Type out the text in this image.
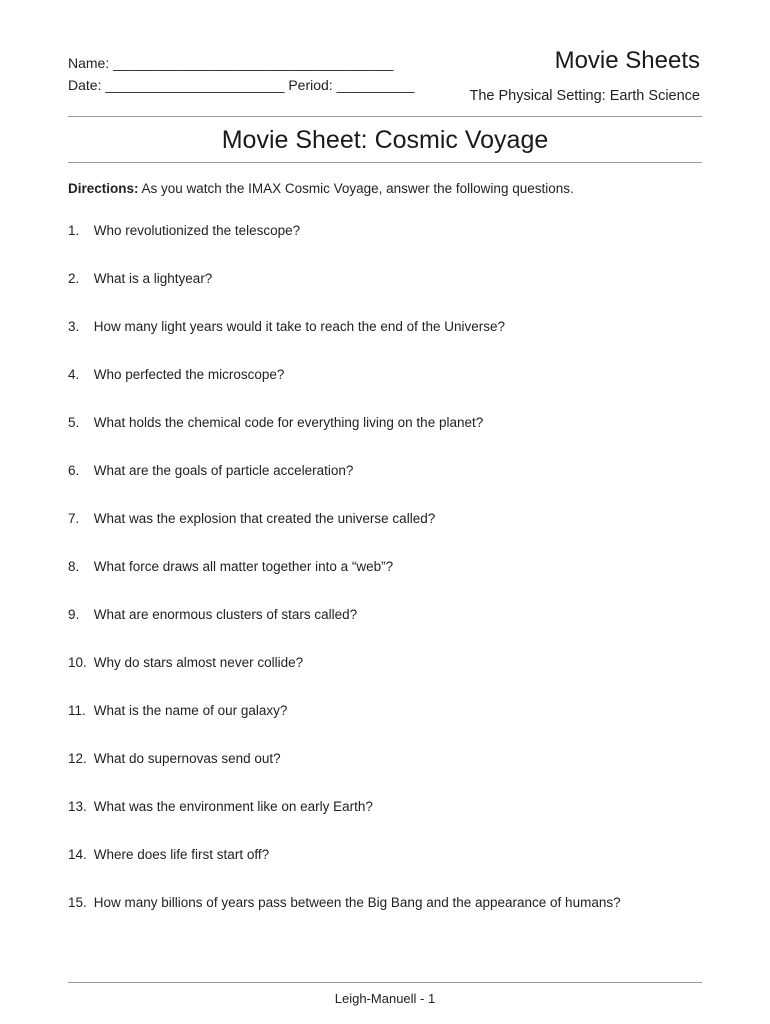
Name: ____________________________________
Date: _______________________ Period: __________
Movie Sheets
The Physical Setting: Earth Science
Movie Sheet: Cosmic Voyage
Directions: As you watch the IMAX Cosmic Voyage, answer the following questions.
1. Who revolutionized the telescope?
2. What is a lightyear?
3. How many light years would it take to reach the end of the Universe?
4. Who perfected the microscope?
5. What holds the chemical code for everything living on the planet?
6. What are the goals of particle acceleration?
7. What was the explosion that created the universe called?
8. What force draws all matter together into a “web”?
9. What are enormous clusters of stars called?
10. Why do stars almost never collide?
11. What is the name of our galaxy?
12. What do supernovas send out?
13. What was the environment like on early Earth?
14. Where does life first start off?
15. How many billions of years pass between the Big Bang and the appearance of humans?
Leigh-Manuell - 1
